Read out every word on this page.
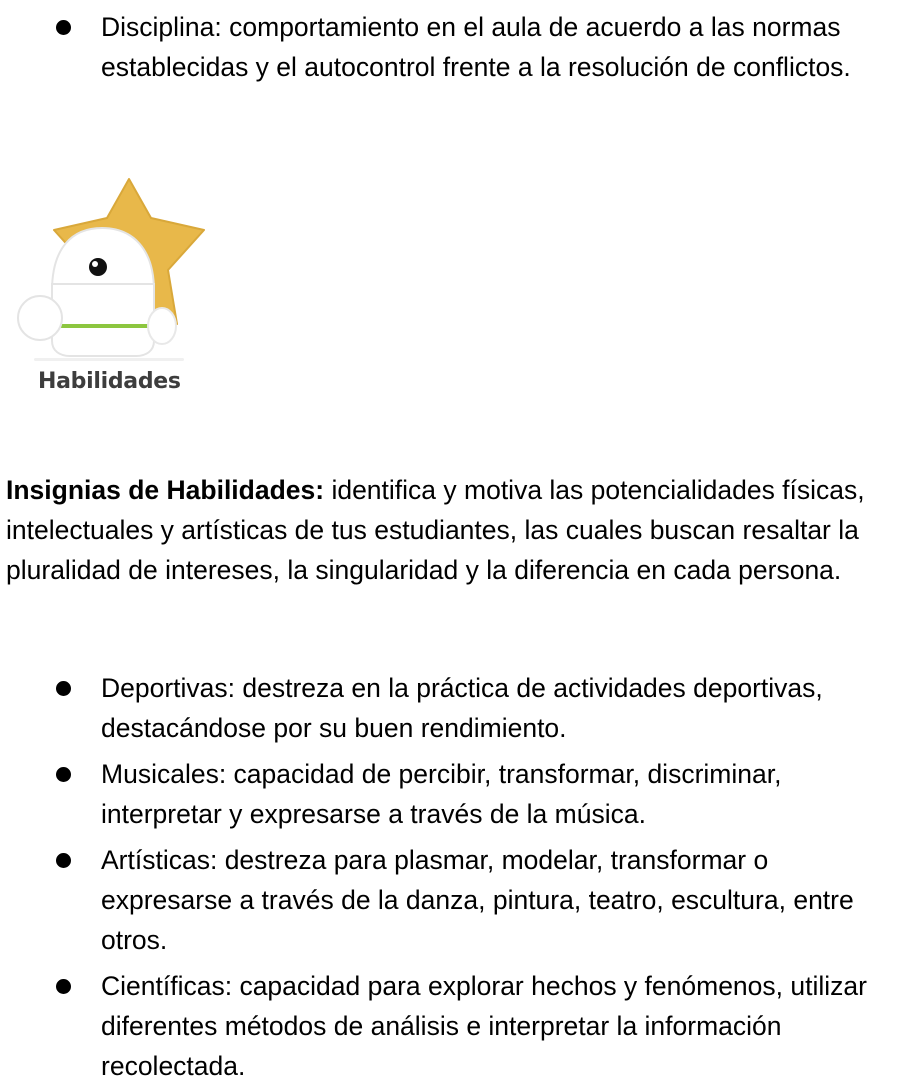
Disciplina: comportamiento en el aula de acuerdo a las normas establecidas y el autocontrol frente a la resolución de conflictos.
Habilidades

Insignias de Habilidades: identifica y motiva las potencialidades físicas, intelectuales y artísticas de tus estudiantes, las cuales buscan resaltar la pluralidad de intereses, la singularidad y la diferencia en cada persona.

Deportivas: destreza en la práctica de actividades deportivas, destacándose por su buen rendimiento.
Musicales: capacidad de percibir, transformar, discriminar, interpretar y expresarse a través de la música.
Artísticas: destreza para plasmar, modelar, transformar o expresarse a través de la danza, pintura, teatro, escultura, entre otros.
Científicas: capacidad para explorar hechos y fenómenos, utilizar diferentes métodos de análisis e interpretar la información recolectada.
